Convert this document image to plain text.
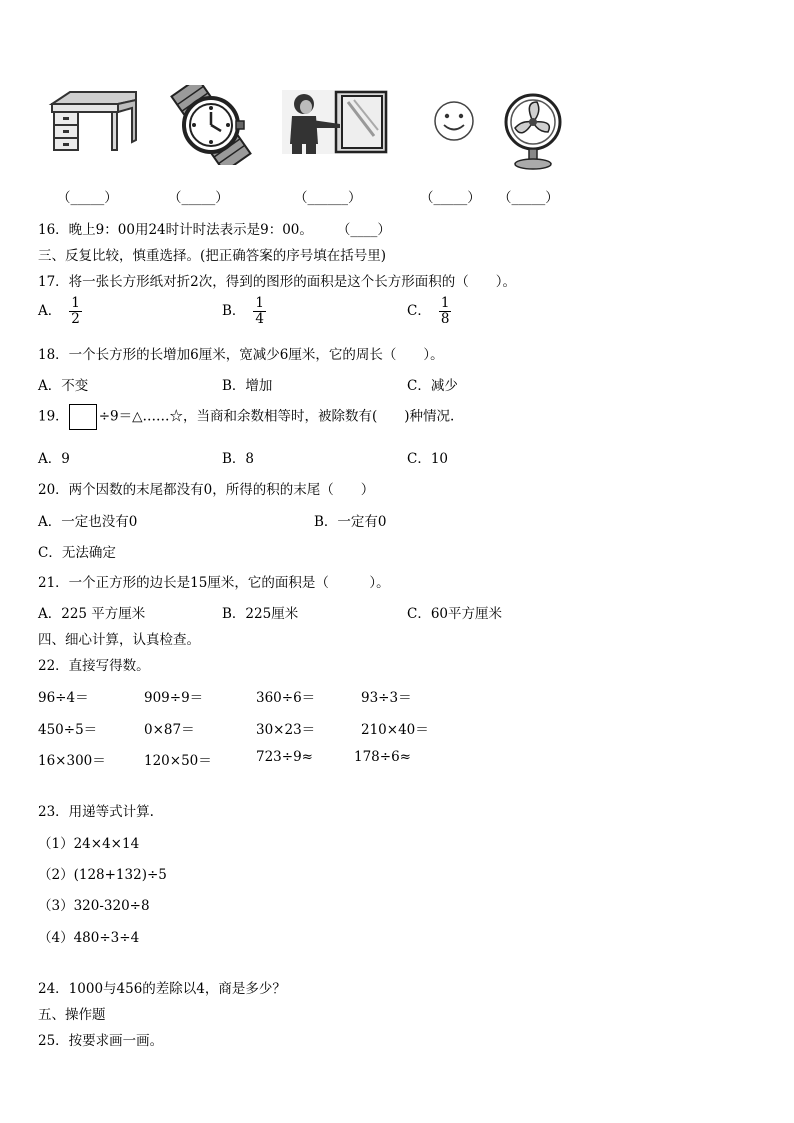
（_____）	（_____）	（______）	（_____） （_____）
16．晚上9：00用24时计时法表示是9：00。 （____）
三、反复比较，慎重选择。(把正确答案的序号填在括号里)
17．将一张长方形纸对折2次，得到的图形的面积是这个长方形面积的（　　）。
A． $\frac{1}{2}$	B． $\frac{1}{4}$	C． $\frac{1}{8}$
18．一个长方形的长增加6厘米，宽减少6厘米，它的周长（　　）。
A．不变	B．增加	C．减少
19． ÷9＝△……☆，当商和余数相等时，被除数有(　　)种情况.
A．9	B．8	C．10
20．两个因数的末尾都没有0，所得的积的末尾（　　）
A．一定也没有0	B．一定有0
C．无法确定
21．一个正方形的边长是15厘米，它的面积是（　　　）。
A．225 平方厘米	B．225厘米	C．60平方厘米
四、细心计算，认真检查。
22．直接写得数。
96÷4＝	909÷9＝	360÷6＝	93÷3＝
450÷5＝	0×87＝	30×23＝	210×40＝
16×300＝	120×50＝	723÷9≈	178÷6≈
23．用递等式计算.
（1）24×4×14
（2）(128+132)÷5
（3）320-320÷8
（4）480÷3÷4
24．1000与456的差除以4，商是多少？
五、操作题
25．按要求画一画。
